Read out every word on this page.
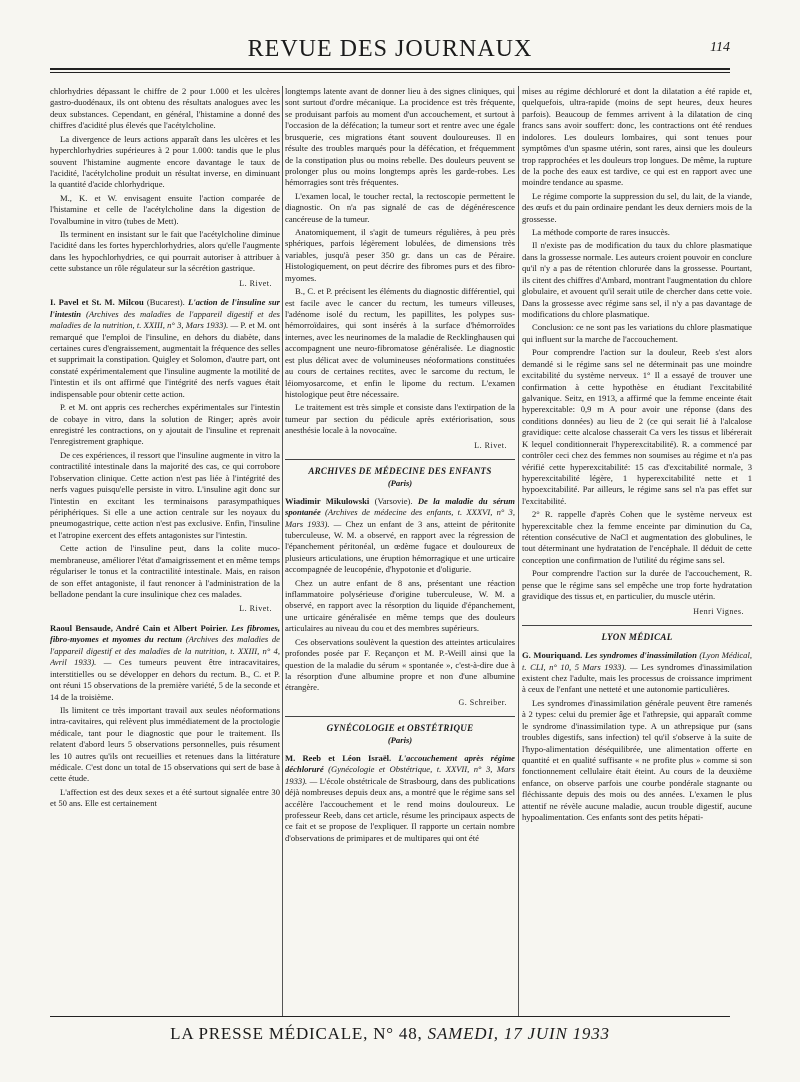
REVUE DES JOURNAUX	114

chlorhydries dépassant le chiffre de 2 pour 1.000 et les ulcères gastro-duodénaux, ils ont obtenu des résultats analogues avec les deux substances. Cependant, en général, l'histamine a donné des chiffres d'acidité plus élevés que l'acétylcholine.

La divergence de leurs actions apparaît dans les ulcères et les hyperchlorhydries supérieures à 2 pour 1.000: tandis que le plus souvent l'histamine augmente encore davantage le taux de l'acidité, l'acétylcholine produit un résultat inverse, en diminuant la quantité d'acide chlorhydrique.

M., K. et W. envisagent ensuite l'action comparée de l'histamine et celle de l'acétylcholine dans la digestion de l'ovalbumine in vitro (tubes de Mett).

Ils terminent en insistant sur le fait que l'acétylcholine diminue l'acidité dans les fortes hyperchlorhydries, alors qu'elle l'augmente dans les hypochlorhydries, ce qui pourrait autoriser à attribuer à cette substance un rôle régulateur sur la sécrétion gastrique.

L. Rivet.

I. Pavel et St. M. Milcou (Bucarest). L'action de l'insuline sur l'intestin (Archives des maladies de l'appareil digestif et des maladies de la nutrition, t. XXIII, n° 3, Mars 1933). — P. et M. ont remarqué que l'emploi de l'insuline, en dehors du diabète, dans certaines cures d'engraissement, augmentait la fréquence des selles et supprimait la constipation. Quigley et Solomon, d'autre part, ont constaté expérimentalement que l'insuline augmente la motilité de l'intestin et ils ont affirmé que l'intégrité des nerfs vagues était indispensable pour obtenir cette action.

P. et M. ont appris ces recherches expérimentales sur l'intestin de cobaye in vitro, dans la solution de Ringer; après avoir enregistré les contractions, on y ajoutait de l'insuline et reprenait l'enregistrement graphique.

De ces expériences, il ressort que l'insuline augmente in vitro la contractilité intestinale dans la majorité des cas, ce qui corrobore l'observation clinique. Cette action n'est pas liée à l'intégrité des nerfs vagues puisqu'elle persiste in vitro. L'insuline agit donc sur l'intestin en excitant les terminaisons parasympathiques périphériques. Si elle a une action centrale sur les noyaux du pneumogastrique, cette action n'est pas exclusive. Enfin, l'insuline et l'atropine exercent des effets antagonistes sur l'intestin.

Cette action de l'insuline peut, dans la colite muco-membraneuse, améliorer l'état d'amaigrissement et en même temps régulariser le tonus et la contractilité intestinale. Mais, en raison de son effet antagoniste, il faut renoncer à l'administration de la belladone pendant la cure insulinique chez ces malades.

L. Rivet.

Raoul Bensaude, André Cain et Albert Poirier. Les fibromes, fibro-myomes et myomes du rectum (Archives des maladies de l'appareil digestif et des maladies de la nutrition, t. XXIII, n° 4, Avril 1933). — Ces tumeurs peuvent être intracavitaires, interstitielles ou se développer en dehors du rectum. B., C. et P. ont réuni 15 observations de la première variété, 5 de la seconde et 14 de la troisième.

Ils limitent ce très important travail aux seules néoformations intra-cavitaires, qui relèvent plus immédiatement de la proctologie médicale, tant pour le diagnostic que pour le traitement. Ils relatent d'abord leurs 5 observations personnelles, puis résument les 10 autres qu'ils ont recueillies et retenues dans la littérature médicale. C'est donc un total de 15 observations qui sert de base à cette étude.

L'affection est des deux sexes et a été surtout signalée entre 30 et 50 ans. Elle est certainement

longtemps latente avant de donner lieu à des signes cliniques, qui sont surtout d'ordre mécanique. La procidence est très fréquente, se produisant parfois au moment d'un accouchement, et surtout à l'occasion de la défécation; la tumeur sort et rentre avec une égale brusquerie, ces migrations étant souvent douloureuses. Il en résulte des troubles marqués pour la défécation, et fréquemment de la constipation plus ou moins rebelle. Des douleurs peuvent se prolonger plus ou moins longtemps après les garde-robes. Les hémorragies sont très fréquentes.

L'examen local, le toucher rectal, la rectoscopie permettent le diagnostic. On n'a pas signalé de cas de dégénérescence cancéreuse de la tumeur.

Anatomiquement, il s'agit de tumeurs régulières, à peu près sphériques, parfois légèrement lobulées, de dimensions très variables, jusqu'à peser 350 gr. dans un cas de Péraire. Histologiquement, on peut décrire des fibromes purs et des fibro-myomes.

B., C. et P. précisent les éléments du diagnostic différentiel, qui est facile avec le cancer du rectum, les tumeurs villeuses, l'adénome isolé du rectum, les papillites, les polypes sus-hémorroïdaires, qui sont insérés à la surface d'hémorroïdes internes, avec les neurinomes de la maladie de Recklinghausen qui accompagnent une neuro-fibromatose généralisée. Le diagnostic est plus délicat avec de volumineuses néoformations constituées au cours de certaines rectites, avec le sarcome du rectum, le léiomyosarcome, et enfin le lipome du rectum. L'examen histologique peut être nécessaire.

Le traitement est très simple et consiste dans l'extirpation de la tumeur par section du pédicule après extériorisation, sous anesthésie locale à la novocaïne.

L. Rivet.
ARCHIVES DE MÉDECINE DES ENFANTS
(Paris)

Wiadimir Mikulowski (Varsovie). De la maladie du sérum spontanée (Archives de médecine des enfants, t. XXXVI, n° 3, Mars 1933). — Chez un enfant de 3 ans, atteint de péritonite tuberculeuse, W. M. a observé, en rapport avec la régression de l'épanchement péritonéal, un œdème fugace et douloureux de plusieurs articulations, une éruption hémorragique et une urticaire accompagnée de leucopénie, d'hypotonie et d'oligurie.

Chez un autre enfant de 8 ans, présentant une réaction inflammatoire polysérieuse d'origine tuberculeuse, W. M. a observé, en rapport avec la résorption du liquide d'épanchement, une urticaire généralisée en même temps que des douleurs articulaires au niveau du cou et des membres supérieurs.

Ces observations soulèvent la question des atteintes articulaires profondes posée par F. Reçançon et M. P.-Weill ainsi que la question de la maladie du sérum « spontanée », c'est-à-dire due à la résorption d'une albumine propre et non d'une albumine étrangère.

G. Schreiber.
GYNÉCOLOGIE et OBSTÉTRIQUE
(Paris)

M. Reeb et Léon Israël. L'accouchement après régime déchloruré (Gynécologie et Obstétrique, t. XXVII, n° 3, Mars 1933). — L'école obstétricale de Strasbourg, dans des publications déjà nombreuses depuis deux ans, a montré que le régime sans sel accélère l'accouchement et le rend moins douloureux. Le professeur Reeb, dans cet article, résume les principaux aspects de ce fait et se propose de l'expliquer. Il rapporte un certain nombre d'observations de primipares et de multipares qui ont été

mises au régime déchloruré et dont la dilatation a été rapide et, quelquefois, ultra-rapide (moins de sept heures, deux heures parfois). Beaucoup de femmes arrivent à la dilatation de cinq francs sans avoir souffert: donc, les contractions ont été rendues indolores. Les douleurs lombaires, qui sont tenues pour symptômes d'un spasme utérin, sont rares, ainsi que les douleurs trop rapprochées et les douleurs trop longues. De même, la rupture de la poche des eaux est tardive, ce qui est en rapport avec une moindre tendance au spasme.

Le régime comporte la suppression du sel, du lait, de la viande, des œufs et du pain ordinaire pendant les deux derniers mois de la grossesse.

La méthode comporte de rares insuccès.

Il n'existe pas de modification du taux du chlore plasmatique dans la grossesse normale. Les auteurs croient pouvoir en conclure qu'il n'y a pas de rétention chlorurée dans la grossesse. Pourtant, ils citent des chiffres d'Ambard, montrant l'augmentation du chlore globulaire, et avouent qu'il serait utile de chercher dans cette voie. Dans la grossesse avec régime sans sel, il n'y a pas davantage de modifications du chlore plasmatique.

Conclusion: ce ne sont pas les variations du chlore plasmatique qui influent sur la marche de l'accouchement.

Pour comprendre l'action sur la douleur, Reeb s'est alors demandé si le régime sans sel ne déterminait pas une moindre excitabilité du système nerveux. 1° Il a essayé de trouver une confirmation à cette hypothèse en étudiant l'excitabilité galvanique. Seitz, en 1913, a affirmé que la femme enceinte était hyperexcitable: 0,9 m A pour avoir une réponse (dans des conditions données) au lieu de 2 (ce qui serait lié à l'alcalose gravidique: cette alcalose chasserait Ca vers les tissus et libérerait K lequel conditionnerait l'hyperexcitabilité). R. a commencé par contrôler ceci chez des femmes non soumises au régime et n'a pas vérifié cette hyperexcitabilité: 15 cas d'excitabilité normale, 3 hyperexcitabilité légère, 1 hyperexcitabilité nette et 1 hypoexcitabilité. Par ailleurs, le régime sans sel n'a pas effet sur l'excitabilité.

2° R. rappelle d'après Cohen que le système nerveux est hyperexcitable chez la femme enceinte par diminution du Ca, rétention consécutive de NaCl et augmentation des globulines, le tout déterminant une hydratation de l'encéphale. Il déduit de cette conception une confirmation de l'utilité du régime sans sel.

Pour comprendre l'action sur la durée de l'accouchement, R. pense que le régime sans sel empêche une trop forte hydratation gravidique des tissus et, en particulier, du muscle utérin.

Henri Vignes.
LYON MÉDICAL

G. Mouriquand. Les syndromes d'inassimilation (Lyon Médical, t. CLI, n° 10, 5 Mars 1933). — Les syndromes d'inassimilation existent chez l'adulte, mais les processus de croissance impriment à ceux de l'enfant une netteté et une autonomie particulières.

Les syndromes d'inassimilation générale peuvent être ramenés à 2 types: celui du premier âge et l'athrepsie, qui apparaît comme le syndrome d'inassimilation type. A un athrepsique pur (sans troubles digestifs, sans infection) tel qu'il s'observe à la suite de l'hypo-alimentation déséquilibrée, une alimentation offerte en quantité et en qualité suffisante « ne profite plus » comme si son fonctionnement cellulaire était éteint. Au cours de la deuxième enfance, on observe parfois une courbe pondérale stagnante ou fléchissante depuis des mois ou des années. L'examen le plus attentif ne révèle aucune maladie, aucun trouble digestif, aucune hypoalimentation. Ces enfants sont des petits hépati-

LA PRESSE MÉDICALE, N° 48, SAMEDI, 17 JUIN 1933
